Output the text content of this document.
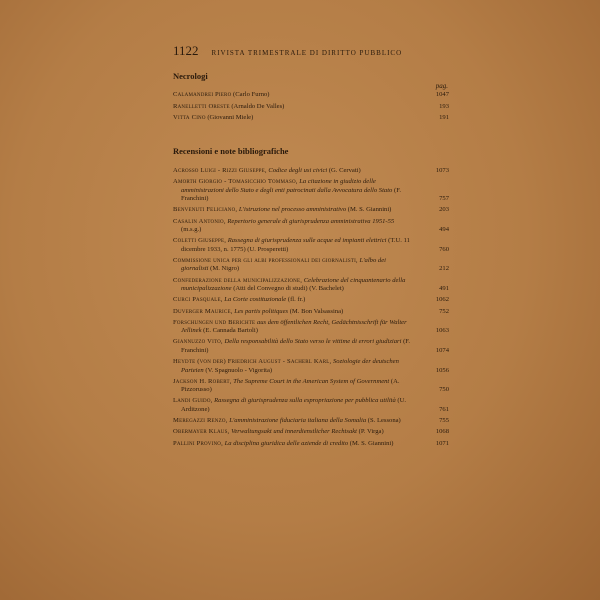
1122 RIVISTA TRIMESTRALE DI DIRITTO PUBBLICO
Necrologi
pag.
Calamandrei Piero (Carlo Furno)	1047
Ranelletti Oreste (Arnaldo De Valles)	193
Vitta Cino (Giovanni Miele)	191
Recensioni e note bibliografiche
Acrosso Luigi - Rizzi Giuseppe, Codice degli usi civici (G. Cervati)	1073
Amorth Giorgio - Tomasicchio Tommaso, La citazione in giudizio delle amministrazioni dello Stato e degli enti patrocinati dalla Avvocatura dello Stato (F. Franchini)	757
Benvenuti Feliciano, L'istruzione nel processo amministrativo (M. S. Giannini)	203
Casalin Antonio, Repertorio generale di giurisprudenza amministrativa 1951-55 (m.s.g.)	494
Coletti Giuseppe, Rassegna di giurisprudenza sulle acque ed impianti elettrici (T.U. 11 dicembre 1933, n. 1775) (U. Prosperetti)	760
Commissione unica per gli albi professionali dei giornalisti, L'albo dei giornalisti (M. Nigro)	212
Confederazione della municipalizzazione, Celebrazione del cinquantenario della municipalizzazione (Atti del Convegno di studi) (V. Bachelet)	491
Curci Pasquale, La Corte costituzionale (fl. fr.)	1062
Duverger Maurice, Les partis politiques (M. Bon Valsassina)	752
Forschungen und Berichte aus dem öffentlichen Recht, Gedächtnisschrift für Walter Jellinek (E. Cannada Bartoli)	1063
Giannuzzo Vito, Della responsabilità dello Stato verso le vittime di errori giudiziari (F. Franchini)	1074
Heydte (von der) Friedrich August - Sacherl Karl, Soziologie der deutschen Parteien (V. Spagnuolo - Vigorita)	1056
Jackson H. Robert, The Supreme Court in the American System of Government (A. Pizzorusso)	750
Landi Guido, Rassegna di giurisprudenza sulla espropriazione per pubblica utilità (U. Arditzone)	761
Meregazzi Renzo, L'amministrazione fiduciaria italiana della Somalia (S. Lessona)	755
Obermayer Klaus, Verwaltungsakt und innerdienstlicher Rechtsakt (P. Virga)	1068
Pallini Provino, La disciplina giuridica delle aziende di credito (M. S. Giannini)	1071
